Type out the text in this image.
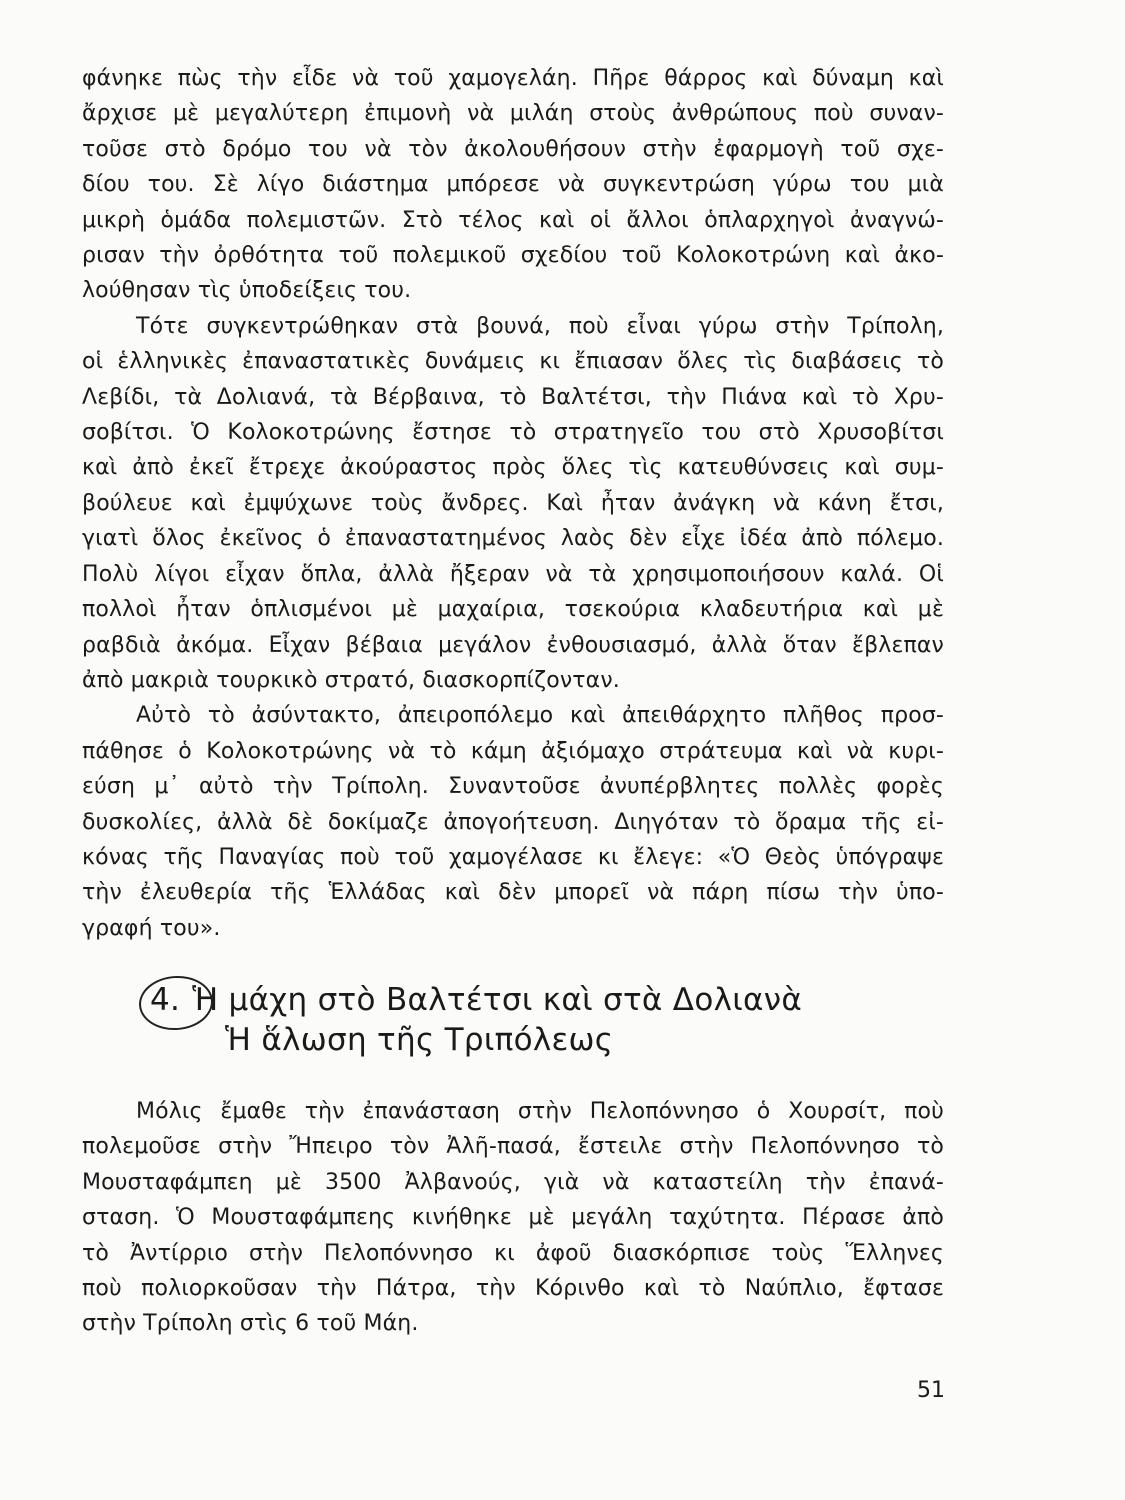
φάνηκε πὼς τὴν εἶδε νὰ τοῦ χαμογελάη. Πῆρε θάρρος καὶ δύναμη καὶ
ἄρχισε μὲ μεγαλύτερη ἐπιμονὴ νὰ μιλάη στοὺς ἀνθρώπους ποὺ συναν-
τοῦσε στὸ δρόμο του νὰ τὸν ἀκολουθήσουν στὴν ἐφαρμογὴ τοῦ σχε-
δίου του. Σὲ λίγο διάστημα μπόρεσε νὰ συγκεντρώση γύρω του μιὰ
μικρὴ ὁμάδα πολεμιστῶν. Στὸ τέλος καὶ οἱ ἄλλοι ὁπλαρχηγοὶ ἀναγνώ-
ρισαν τὴν ὀρθότητα τοῦ πολεμικοῦ σχεδίου τοῦ Κολοκοτρώνη καὶ ἀκο-
λούθησαν τὶς ὑποδείξεις του.
Τότε συγκεντρώθηκαν στὰ βουνά, ποὺ εἶναι γύρω στὴν Τρίπολη,
οἱ ἑλληνικὲς ἐπαναστατικὲς δυνάμεις κι ἔπιασαν ὅλες τὶς διαβάσεις τὸ
Λεβίδι, τὰ Δολιανά, τὰ Βέρβαινα, τὸ Βαλτέτσι, τὴν Πιάνα καὶ τὸ Χρυ-
σοβίτσι. Ὁ Κολοκοτρώνης ἔστησε τὸ στρατηγεῖο του στὸ Χρυσοβίτσι
καὶ ἀπὸ ἐκεῖ ἔτρεχε ἀκούραστος πρὸς ὅλες τὶς κατευθύνσεις καὶ συμ-
βούλευε καὶ ἐμψύχωνε τοὺς ἄνδρες. Καὶ ἦταν ἀνάγκη νὰ κάνη ἔτσι,
γιατὶ ὅλος ἐκεῖνος ὁ ἐπαναστατημένος λαὸς δὲν εἶχε ἰδέα ἀπὸ πόλεμο.
Πολὺ λίγοι εἶχαν ὅπλα, ἀλλὰ ἤξεραν νὰ τὰ χρησιμοποιήσουν καλά. Οἱ
πολλοὶ ἦταν ὁπλισμένοι μὲ μαχαίρια, τσεκούρια κλαδευτήρια καὶ μὲ
ραβδιὰ ἀκόμα. Εἶχαν βέβαια μεγάλον ἐνθουσιασμό, ἀλλὰ ὅταν ἔβλεπαν
ἀπὸ μακριὰ τουρκικὸ στρατό, διασκορπίζονταν.
Αὐτὸ τὸ ἀσύντακτο, ἀπειροπόλεμο καὶ ἀπειθάρχητο πλῆθος προσ-
πάθησε ὁ Κολοκοτρώνης νὰ τὸ κάμη ἀξιόμαχο στράτευμα καὶ νὰ κυρι-
εύση μ᾿ αὐτὸ τὴν Τρίπολη. Συναντοῦσε ἀνυπέρβλητες πολλὲς φορὲς
δυσκολίες, ἀλλὰ δὲ δοκίμαζε ἀπογοήτευση. Διηγόταν τὸ ὅραμα τῆς εἰ-
κόνας τῆς Παναγίας ποὺ τοῦ χαμογέλασε κι ἔλεγε: «Ὁ Θεὸς ὑπόγραψε
τὴν ἐλευθερία τῆς Ἑλλάδας καὶ δὲν μπορεῖ νὰ πάρη πίσω τὴν ὑπο-
γραφή του».
4. Ἡ μάχη στὸ Βαλτέτσι καὶ στὰ Δολιανὰ
Ἡ ἅλωση τῆς Τριπόλεως
Μόλις ἔμαθε τὴν ἐπανάσταση στὴν Πελοπόννησο ὁ Χουρσίτ, ποὺ
πολεμοῦσε στὴν Ἤπειρο τὸν Ἀλῆ-πασά, ἔστειλε στὴν Πελοπόννησο τὸ
Μουσταφάμπεη μὲ 3500 Ἀλβανούς, γιὰ νὰ καταστείλη τὴν ἐπανά-
σταση. Ὁ Μουσταφάμπεης κινήθηκε μὲ μεγάλη ταχύτητα. Πέρασε ἀπὸ
τὸ Ἀντίρριο στὴν Πελοπόννησο κι ἀφοῦ διασκόρπισε τοὺς Ἕλληνες
ποὺ πολιορκοῦσαν τὴν Πάτρα, τὴν Κόρινθο καὶ τὸ Ναύπλιο, ἔφτασε
στὴν Τρίπολη στὶς 6 τοῦ Μάη.
51
